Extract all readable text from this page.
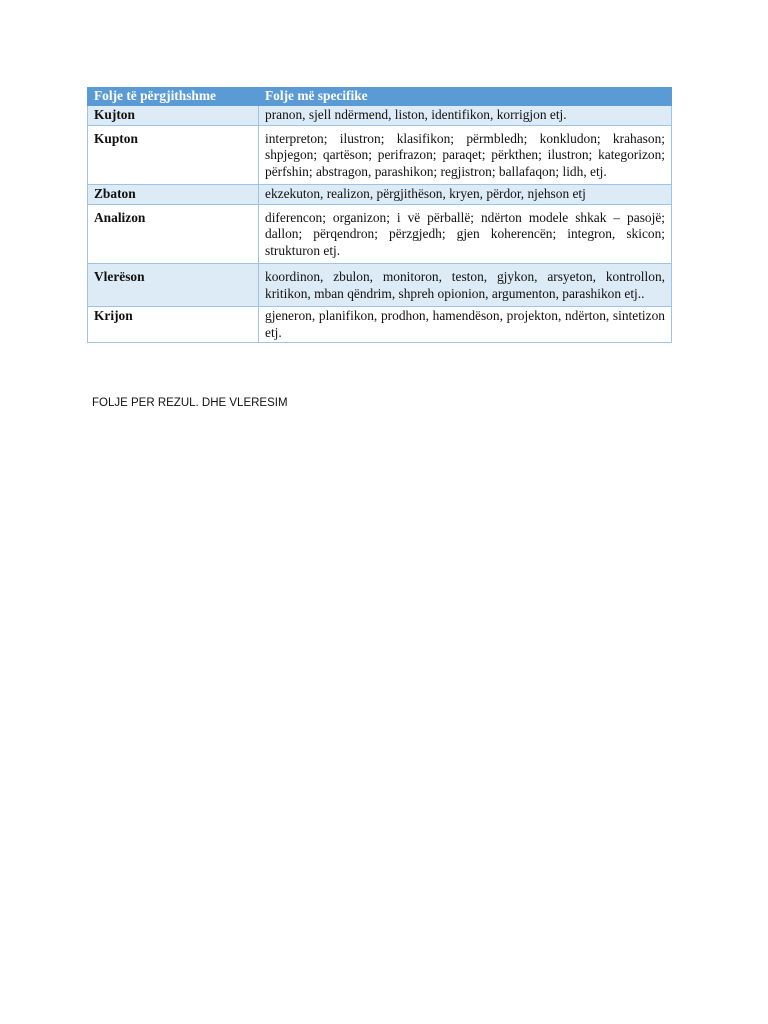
Folje të përgjithshme	Folje më specifike
Kujton	pranon, sjell ndërmend, liston, identifikon, korrigjon etj.
Kupton	interpreton; ilustron; klasifikon; përmbledh; konkludon; krahason; shpjegon; qartëson; perifrazon; paraqet; përkthen; ilustron; kategorizon; përfshin; abstragon, parashikon; regjistron; ballafaqon; lidh, etj.
Zbaton	ekzekuton, realizon, përgjithëson, kryen, përdor, njehson etj
Analizon	diferencon; organizon; i vë përballë; ndërton modele shkak – pasojë; dallon; përqendron; përzgjedh; gjen koherencën; integron, skicon; strukturon etj.
Vlerëson	koordinon, zbulon, monitoron, teston, gjykon, arsyeton, kontrollon, kritikon, mban qëndrim, shpreh opionion, argumenton, parashikon etj..
Krijon	gjeneron, planifikon, prodhon, hamendëson, projekton, ndërton, sintetizon etj.
FOLJE PER REZUL. DHE VLERESIM
